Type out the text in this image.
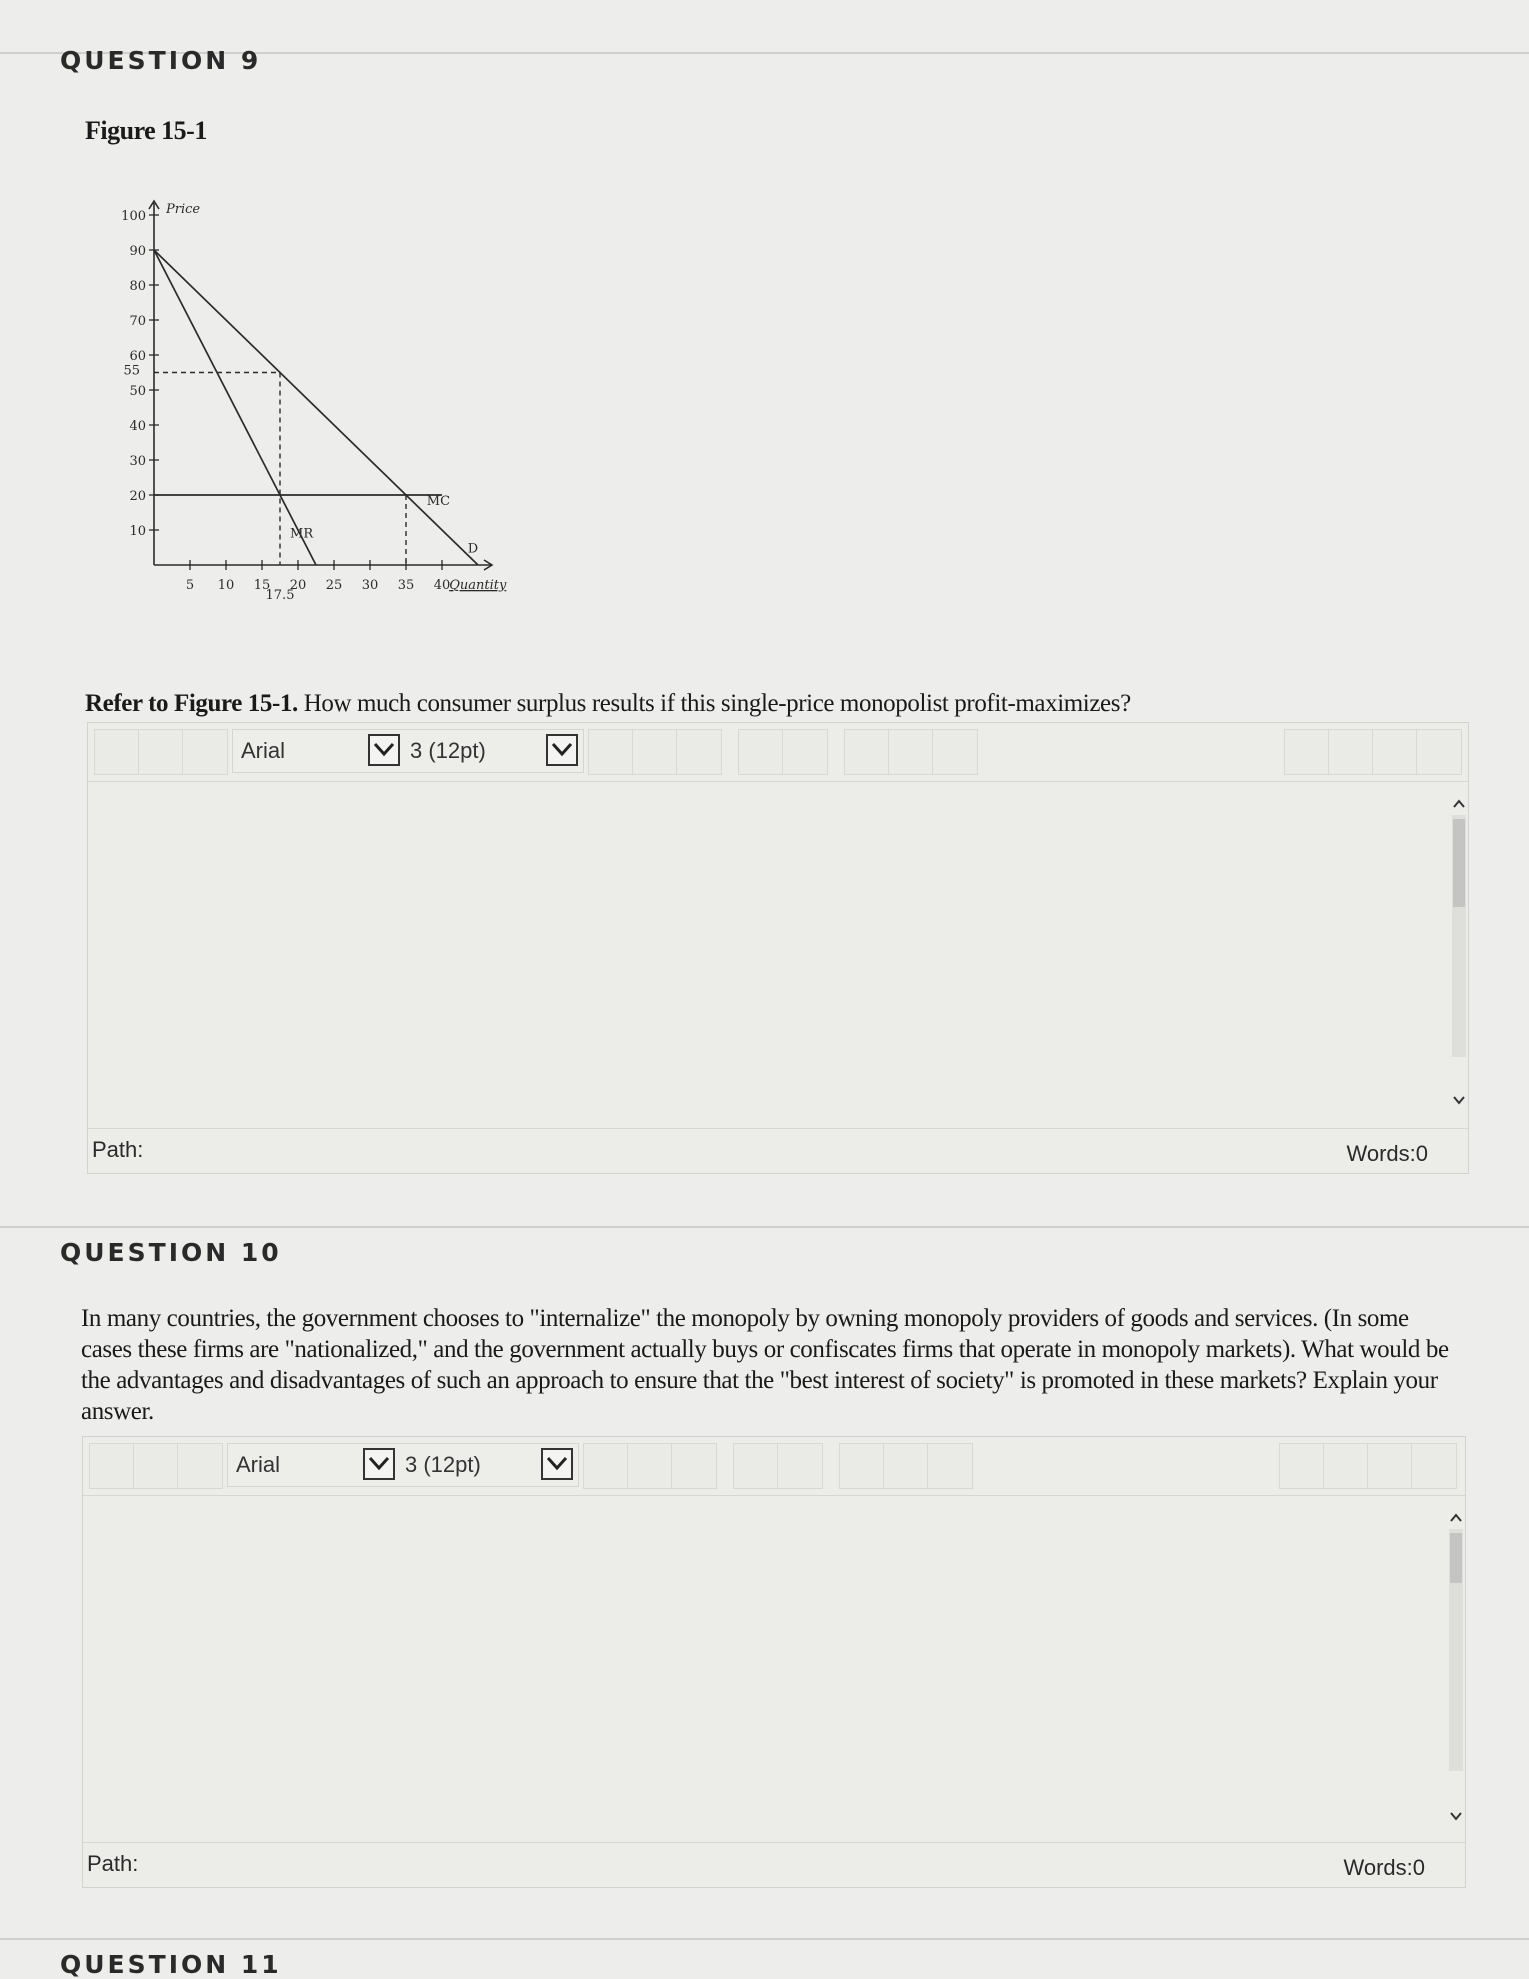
QUESTION 9
Figure 15-1
Price
Quantity
10
20
30
40
50
60
70
80
90
100
55
5 10 15 20 25 30 35 40
17.5
D
MR
MC
Refer to Figure 15-1. How much consumer surplus results if this single-price monopolist profit-maximizes?
Arial	3 (12pt)
Path:	Words:0
QUESTION 10
In many countries, the government chooses to "internalize" the monopoly by owning monopoly providers of goods and services. (In some cases these firms are "nationalized," and the government actually buys or confiscates firms that operate in monopoly markets). What would be the advantages and disadvantages of such an approach to ensure that the "best interest of society" is promoted in these markets? Explain your answer.
Arial	3 (12pt)
Path:	Words:0
QUESTION 11
